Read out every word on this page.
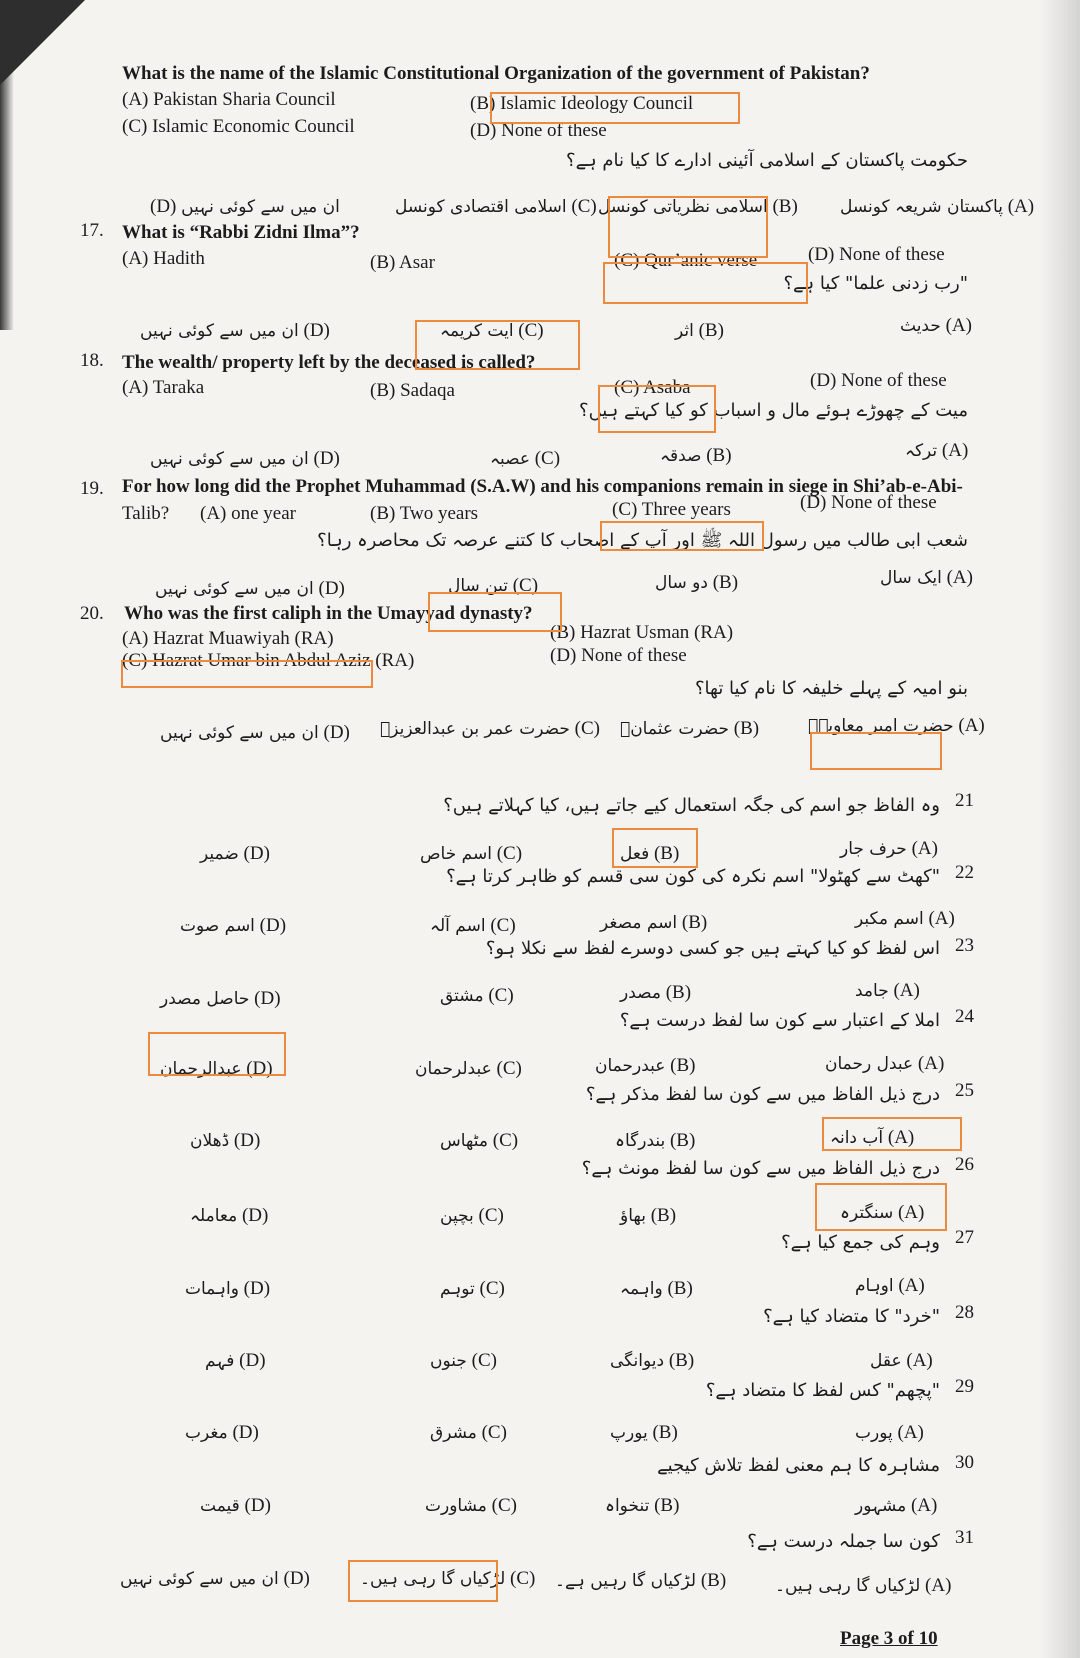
What is the name of the Islamic Constitutional Organization of the government of Pakistan?
(A) Pakistan Sharia Council	(B) Islamic Ideology Council
(C) Islamic Economic Council	(D) None of these
حکومت پاکستان کے اسلامی آئینی ادارے کا کیا نام ہے؟
(D) ان میں سے کوئی نہیں	اسلامی اقتصادی کونسل (C) اسلامی نظریاتی کونسل (B) پاکستان شریعہ کونسل (A)
17. What is “Rabbi Zidni Ilma”?
(A) Hadith	(B) Asar	(C) Qur’anic verse	(D) None of these
"رب زدنی علما" کیا ہے؟
ان میں سے کوئی نہیں (D)	آیت کریمہ (C)	اثر (B)	حدیث (A)
18. The wealth/ property left by the deceased is called?
(A) Taraka	(B) Sadaqa	(C) Asaba	(D) None of these
میت کے چھوڑے ہوئے مال و اسباب کو کیا کہتے ہیں؟
ان میں سے کوئی نہیں (D)	عصبہ (C)	صدقہ (B)	ترکہ (A)
19. For how long did the Prophet Muhammad (S.A.W) and his companions remain in siege in Shi’ab-e-Abi-
Talib? (A) one year	(B) Two years	(C) Three years	(D) None of these
شعب ابی طالب میں رسول اللہ ﷺ اور آپ کے اصحاب کا کتنے عرصہ تک محاصرہ رہا؟
ان میں سے کوئی نہیں (D)	تین سال (C)	دو سال (B)	ایک سال (A)
20. Who was the first caliph in the Umayyad dynasty?
(A) Hazrat Muawiyah (RA)	(B) Hazrat Usman (RA)
(C) Hazrat Umar bin Abdul Aziz (RA)	(D) None of these
بنو امیہ کے پہلے خلیفہ کا نام کیا تھا؟
ان میں سے کوئی نہیں (D) حضرت عمر بن عبدالعزیزؒ (C) حضرت عثمانؓ (B)	حضرت امیر معاویہؓ (A)
21
وہ الفاظ جو اسم کی جگہ استعمال کیے جاتے ہیں، کیا کہلاتے ہیں؟
22
"کھٹ سے کھٹولا" اسم نکرہ کی کون سی قسم کو ظاہر کرتا ہے؟
23
اس لفظ کو کیا کہتے ہیں جو کسی دوسرے لفظ سے نکلا ہو؟
24
املا کے اعتبار سے کون سا لفظ درست ہے؟
25
درج ذیل الفاظ میں سے کون سا لفظ مذکر ہے؟
26
درج ذیل الفاظ میں سے کون سا لفظ مونث ہے؟
27
وہم کی جمع کیا ہے؟
28
"خرد" کا متضاد کیا ہے؟
29
"پچھم" کس لفظ کا متضاد ہے؟
30
مشاہرہ کا ہم معنی لفظ تلاش کیجیے
31
کون سا جملہ درست ہے؟
ضمیر (D)	اسم خاص (C)	فعل (B)	حرف جار (A)
اسم صوت (D)	اسم آلہ (C)	اسم مصغر (B)	اسم مکبر (A)
حاصل مصدر (D)	مشتق (C)	مصدر (B)	جامد (A)
عبدالرحمان (D)	عبدلرحمان (C)	عبدرحمان (B)	عبدل رحمان (A)
ڈھلان (D)	مٹھاس (C)	بندرگاہ (B)	آب دانہ (A)
معاملہ (D)	بچپن (C)	بھاؤ (B)	سنگترہ (A)
واہمات (D)	توہم (C)	واہمہ (B)	اوہام (A)
فہم (D)	جنوں (C)	دیوانگی (B)	عقل (A)
مغرب (D)	مشرق (C)	یورپ (B)	پورب (A)
قیمت (D)	مشاورت (C)	تنخواہ (B)	مشہور (A)
ان میں سے کوئی نہیں (D)	لڑکیاں گا رہی ہیں۔ (C) لڑکیاں گا رہیں ہے۔ (B)	لڑکیاں گا رہی ہیں۔ (A)
Page 3 of 10
